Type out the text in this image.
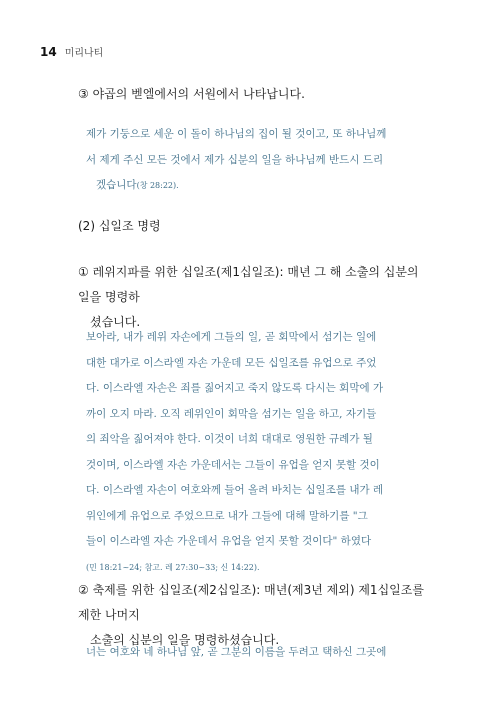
14 미리나티
③ 야곱의 벧엘에서의 서원에서 나타납니다.
제가 기둥으로 세운 이 돌이 하나님의 집이 될 것이고, 또 하나님께
서 제게 주신 모든 것에서 제가 십분의 일을 하나님께 반드시 드리
겠습니다(창 28:22).
(2) 십일조 명령
① 레위지파를 위한 십일조(제1십일조): 매년 그 해 소출의 십분의 일을 명령하
셨습니다.
보아라, 내가 레위 자손에게 그들의 일, 곧 회막에서 섬기는 일에
대한 대가로 이스라엘 자손 가운데 모든 십일조를 유업으로 주었
다. 이스라엘 자손은 죄를 짊어지고 죽지 않도록 다시는 회막에 가
까이 오지 마라. 오직 레위인이 회막을 섬기는 일을 하고, 자기들
의 죄악을 짊어져야 한다. 이것이 너희 대대로 영원한 규례가 될
것이며, 이스라엘 자손 가운데서는 그들이 유업을 얻지 못할 것이
다. 이스라엘 자손이 여호와께 들어 올려 바치는 십일조를 내가 레
위인에게 유업으로 주었으므로 내가 그들에 대해 말하기를 "그
들이 이스라엘 자손 가운데서 유업을 얻지 못할 것이다" 하였다
(민 18:21~24; 참고. 레 27:30~33; 신 14:22).
② 축제를 위한 십일조(제2십일조): 매년(제3년 제외) 제1십일조를 제한 나머지
소출의 십분의 일을 명령하셨습니다.
너는 여호와 네 하나님 앞, 곧 그분의 이름을 두려고 택하신 그곳에
